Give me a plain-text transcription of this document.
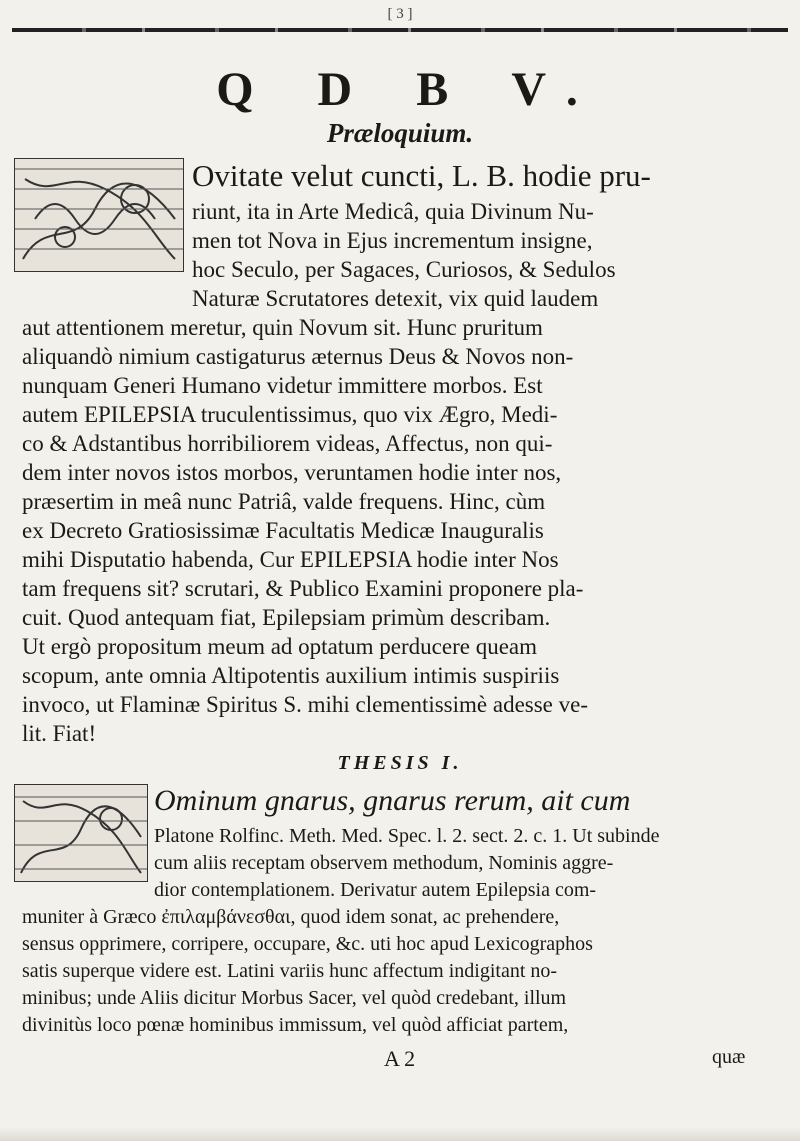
[ 3 ]
Q D B V.
Præloquium.
Ovitate velut cuncti, L. B. hodie pru-
riunt, ita in Arte Medicâ, quia Divinum Nu-
men tot Nova in Ejus incrementum insigne,
hoc Seculo, per Sagaces, Curiosos, & Sedulos
Naturæ Scrutatores detexit, vix quid laudem
aut attentionem meretur, quin Novum sit. Hunc pruritum
aliquandò nimium castigaturus æternus Deus & Novos non-
nunquam Generi Humano videtur immittere morbos. Est
autem EPILEPSIA truculentissimus, quo vix Ægro, Medi-
co & Adstantibus horribiliorem videas, Affectus, non qui-
dem inter novos istos morbos, veruntamen hodie inter nos,
præsertim in meâ nunc Patriâ, valde frequens. Hinc, cùm
ex Decreto Gratiosissimæ Facultatis Medicæ Inauguralis
mihi Disputatio habenda, Cur EPILEPSIA hodie inter Nos
tam frequens sit? scrutari, & Publico Examini proponere pla-
cuit. Quod antequam fiat, Epilepsiam primùm describam.
Ut ergò propositum meum ad optatum perducere queam
scopum, ante omnia Altipotentis auxilium intimis suspiriis
invoco, ut Flaminæ Spiritus S. mihi clementissimè adesse ve-
lit. Fiat!
THESIS I.
Ominum gnarus, gnarus rerum, ait cum
Platone Rolfinc. Meth. Med. Spec. l. 2. sect. 2. c. 1. Ut subinde
cum aliis receptam observem methodum, Nominis aggre-
dior contemplationem. Derivatur autem Epilepsia com-
muniter à Græco ἐπιλαμβάνεσθαι, quod idem sonat, ac prehendere,
sensus opprimere, corripere, occupare, &c. uti hoc apud Lexicographos
satis superque videre est. Latini variis hunc affectum indigitant no-
minibus; unde Aliis dicitur Morbus Sacer, vel quòd credebant, illum
divinitùs loco pœnæ hominibus immissum, vel quòd afficiat partem,
A 2	quæ
